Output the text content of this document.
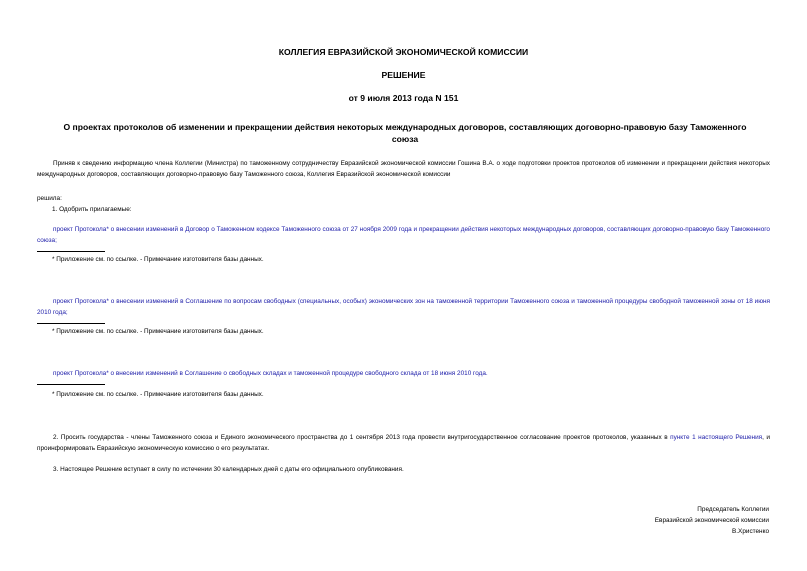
КОЛЛЕГИЯ ЕВРАЗИЙСКОЙ ЭКОНОМИЧЕСКОЙ КОМИССИИ
РЕШЕНИЕ
от 9 июля 2013 года N 151
О проектах протоколов об изменении и прекращении действия некоторых международных договоров, составляющих договорно-правовую базу Таможенного союза
Приняв к сведению информацию члена Коллегии (Министра) по таможенному сотрудничеству Евразийской экономической комиссии Гошина В.А. о ходе подготовки проектов протоколов об изменении и прекращении действия некоторых международных договоров, составляющих договорно-правовую базу Таможенного союза, Коллегия Евразийской экономической комиссии
решила:
1. Одобрить прилагаемые:
проект Протокола* о внесении изменений в Договор о Таможенном кодексе Таможенного союза от 27 ноября 2009 года и прекращении действия некоторых международных договоров, составляющих договорно-правовую базу Таможенного союза;
* Приложение см. по ссылке. - Примечание изготовителя базы данных.
проект Протокола* о внесении изменений в Соглашение по вопросам свободных (специальных, особых) экономических зон на таможенной территории Таможенного союза и таможенной процедуры свободной таможенной зоны от 18 июня 2010 года;
* Приложение см. по ссылке. - Примечание изготовителя базы данных.
проект Протокола* о внесении изменений в Соглашение о свободных складах и таможенной процедуре свободного склада от 18 июня 2010 года.
* Приложение см. по ссылке. - Примечание изготовителя базы данных.
2. Просить государства - члены Таможенного союза и Единого экономического пространства до 1 сентября 2013 года провести внутригосударственное согласование проектов протоколов, указанных в пункте 1 настоящего Решения, и проинформировать Евразийскую экономическую комиссию о его результатах.
3. Настоящее Решение вступает в силу по истечении 30 календарных дней с даты его официального опубликования.
Председатель Коллегии
Евразийской экономической комиссии
В.Христенко
